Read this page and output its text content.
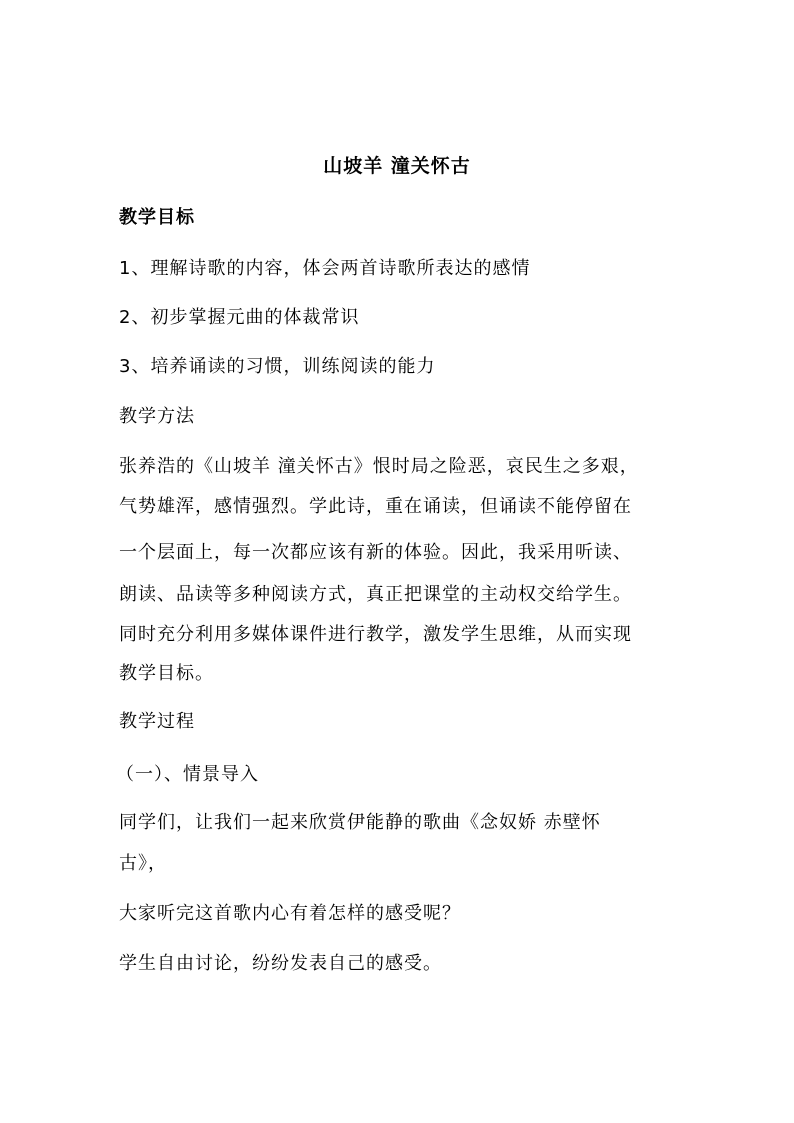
山坡羊 潼关怀古
教学目标
1、理解诗歌的内容，体会两首诗歌所表达的感情
2、初步掌握元曲的体裁常识
3、培养诵读的习惯，训练阅读的能力
教学方法
张养浩的《山坡羊 潼关怀古》恨时局之险恶，哀民生之多艰，
气势雄浑，感情强烈。学此诗，重在诵读，但诵读不能停留在
一个层面上，每一次都应该有新的体验。因此，我采用听读、
朗读、品读等多种阅读方式，真正把课堂的主动权交给学生。
同时充分利用多媒体课件进行教学，激发学生思维，从而实现
教学目标。
教学过程
（一）、情景导入
同学们，让我们一起来欣赏伊能静的歌曲《念奴娇 赤壁怀
古》，
大家听完这首歌内心有着怎样的感受呢？
学生自由讨论，纷纷发表自己的感受。
